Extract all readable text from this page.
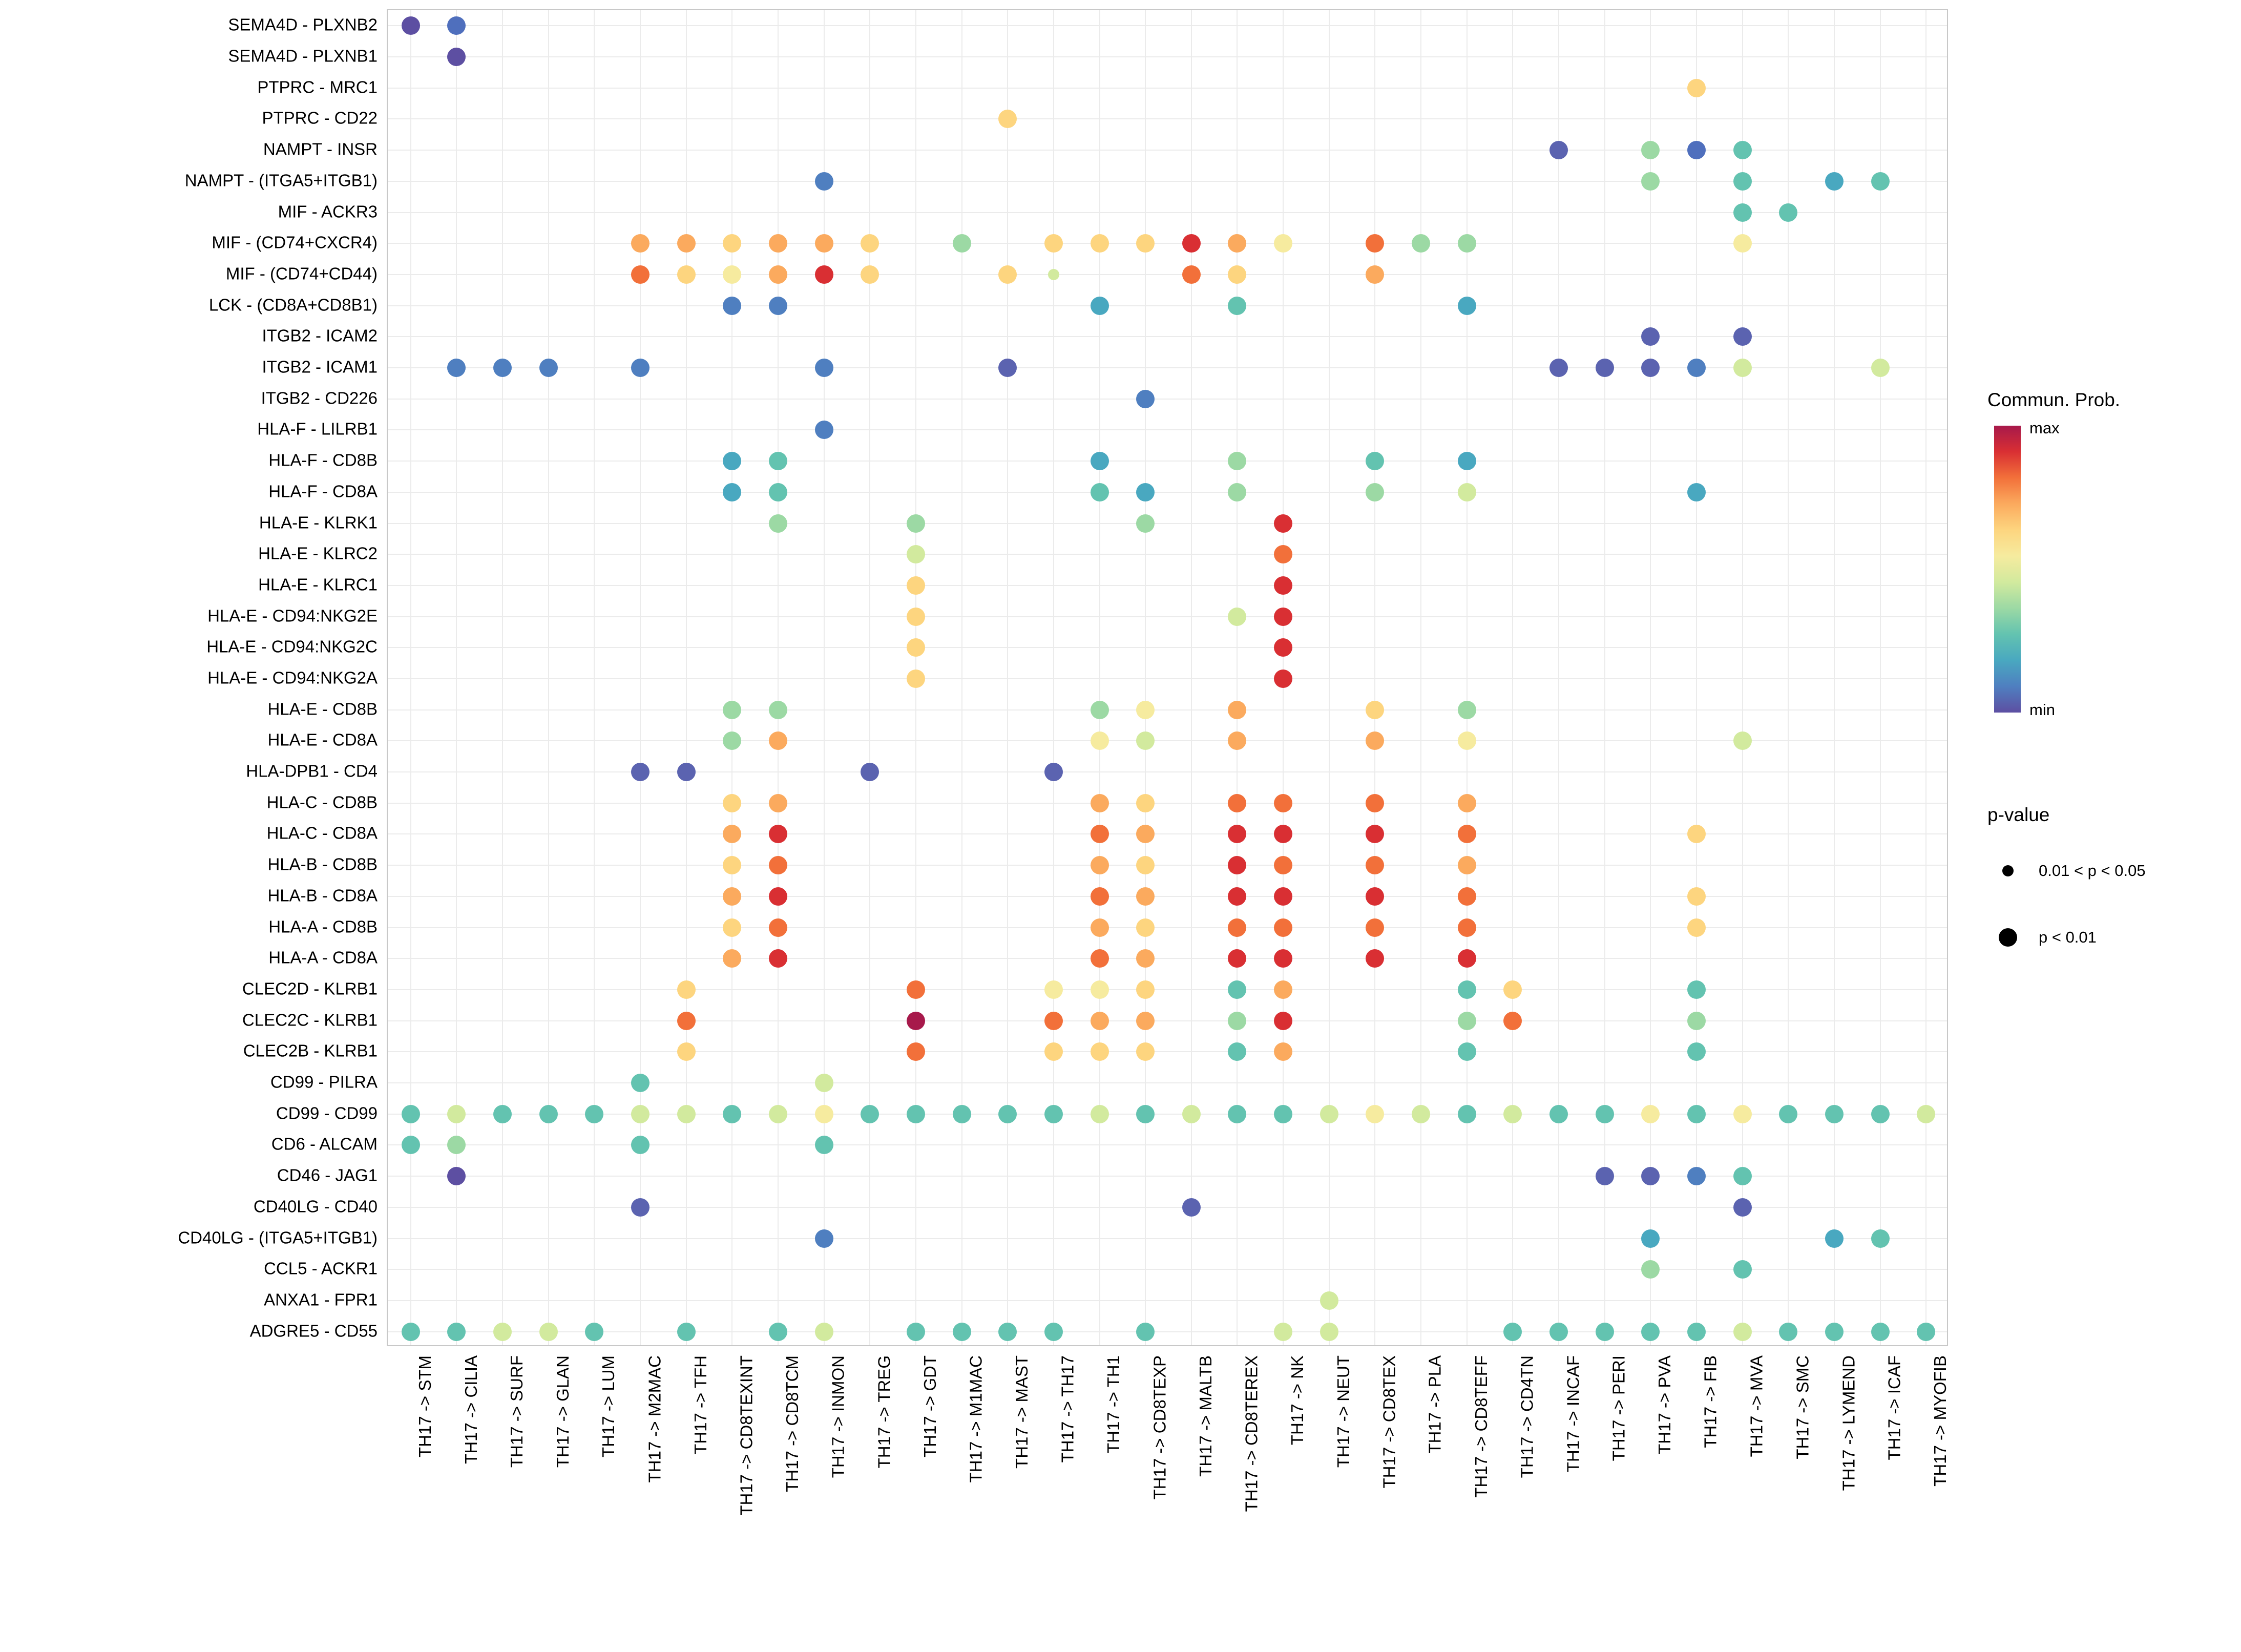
SEMA4D - PLXNB2
SEMA4D - PLXNB1
PTPRC - MRC1
PTPRC - CD22
NAMPT - INSR
NAMPT - (ITGA5+ITGB1)
MIF - ACKR3
MIF - (CD74+CXCR4)
MIF - (CD74+CD44)
LCK - (CD8A+CD8B1)
ITGB2 - ICAM2
ITGB2 - ICAM1
ITGB2 - CD226
HLA-F - LILRB1
HLA-F - CD8B
HLA-F - CD8A
HLA-E - KLRK1
HLA-E - KLRC2
HLA-E - KLRC1
HLA-E - CD94:NKG2E
HLA-E - CD94:NKG2C
HLA-E - CD94:NKG2A
HLA-E - CD8B
HLA-E - CD8A
HLA-DPB1 - CD4
HLA-C - CD8B
HLA-C - CD8A
HLA-B - CD8B
HLA-B - CD8A
HLA-A - CD8B
HLA-A - CD8A
CLEC2D - KLRB1
CLEC2C - KLRB1
CLEC2B - KLRB1
CD99 - PILRA
CD99 - CD99
CD6 - ALCAM
CD46 - JAG1
CD40LG - CD40
CD40LG - (ITGA5+ITGB1)
CCL5 - ACKR1
ANXA1 - FPR1
ADGRE5 - CD55
TH17 -> STM TH17 -> CILIA TH17 -> SURF TH17 -> GLAN TH17 -> LUM TH17 -> M2MAC TH17 -> TFH TH17 -> CD8TEXINT TH17 -> CD8TCM TH17 -> INMON TH17 -> TREG TH17 -> GDT TH17 -> M1MAC TH17 -> MAST TH17 -> TH17 TH17 -> TH1 TH17 -> CD8TEXP TH17 -> MALTB TH17 -> CD8TEREX TH17 -> NK TH17 -> NEUT TH17 -> CD8TEX TH17 -> PLA TH17 -> CD8TEFF TH17 -> CD4TN TH17 -> INCAF TH17 -> PERI TH17 -> PVA TH17 -> FIB TH17 -> MVA TH17 -> SMC TH17 -> LYMEND TH17 -> ICAF TH17 -> MYOFIB
Commun. Prob.
max
min
p-value
0.01 < p < 0.05
p < 0.01
